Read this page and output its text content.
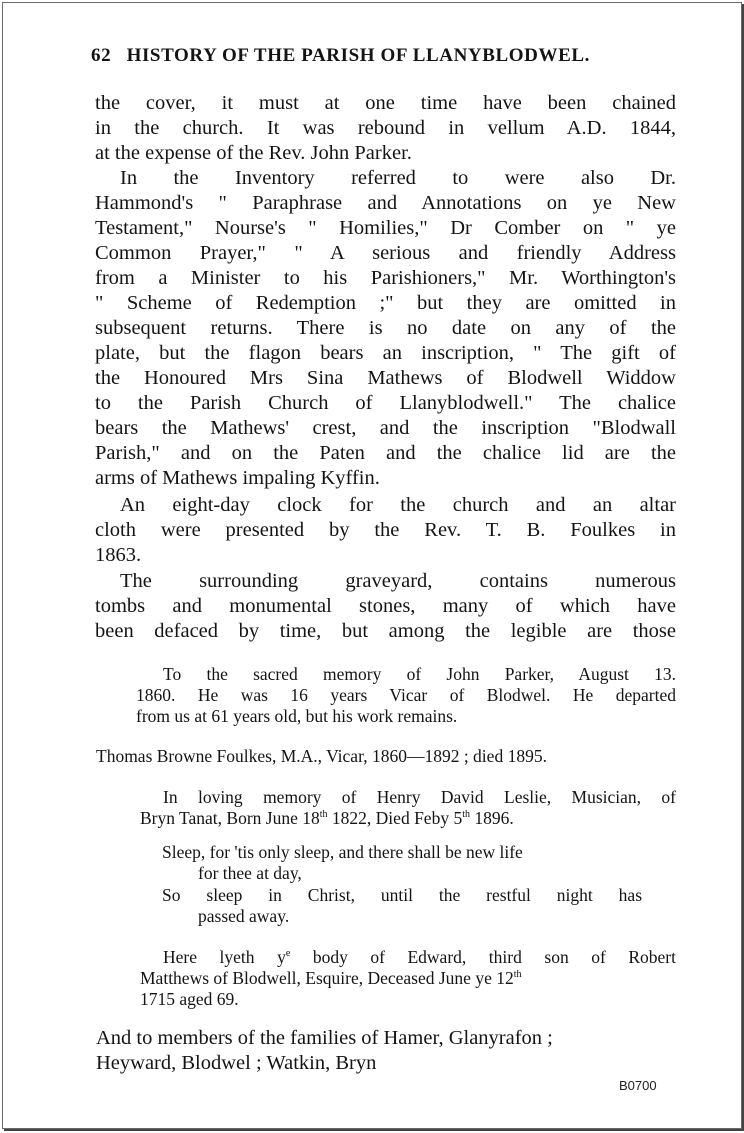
62 HISTORY OF THE PARISH OF LLANYBLODWEL.
the cover, it must at one time have been chained
in the church. It was rebound in vellum A.D. 1844,
at the expense of the Rev. John Parker.
In the Inventory referred to were also Dr.
Hammond's " Paraphrase and Annotations on ye New
Testament," Nourse's " Homilies," Dr Comber on " ye
Common Prayer," " A serious and friendly Address
from a Minister to his Parishioners," Mr. Worthington's
" Scheme of Redemption ;" but they are omitted in
subsequent returns. There is no date on any of the
plate, but the flagon bears an inscription, " The gift of
the Honoured Mrs Sina Mathews of Blodwell Widdow
to the Parish Church of Llanyblodwell." The chalice
bears the Mathews' crest, and the inscription "Blodwall
Parish," and on the Paten and the chalice lid are the
arms of Mathews impaling Kyffin.
An eight-day clock for the church and an altar
cloth were presented by the Rev. T. B. Foulkes in
1863.
The surrounding graveyard, contains numerous
tombs and monumental stones, many of which have
been defaced by time, but among the legible are those
To the sacred memory of John Parker, August 13.
1860. He was 16 years Vicar of Blodwel. He departed
from us at 61 years old, but his work remains.
Thomas Browne Foulkes, M.A., Vicar, 1860—1892 ; died 1895.
In loving memory of Henry David Leslie, Musician, of
Bryn Tanat, Born June 18th 1822, Died Feby 5th 1896.
Sleep, for 'tis only sleep, and there shall be new life
for thee at day,
So sleep in Christ, until the restful night has
passed away.
Here lyeth $y^e$ body of Edward, third son of Robert
Matthews of Blodwell, Esquire, Deceased June ye 12th
1715 aged 69.
And to members of the families of Hamer, Glanyrafon ;
Heyward, Blodwel ; Watkin, Bryn
B0700
